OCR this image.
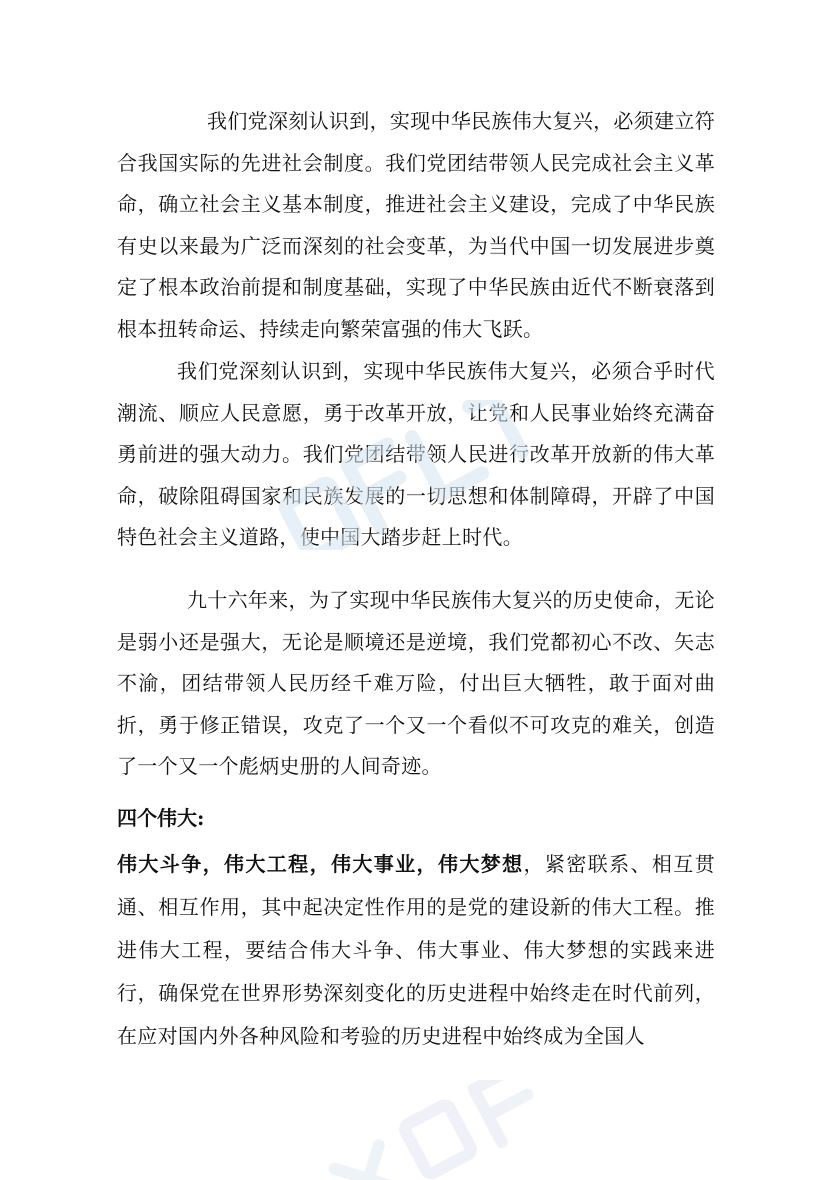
我们党深刻认识到，实现中华民族伟大复兴，必须建立符合我国实际的先进社会制度。我们党团结带领人民完成社会主义革命，确立社会主义基本制度，推进社会主义建设，完成了中华民族有史以来最为广泛而深刻的社会变革，为当代中国一切发展进步奠定了根本政治前提和制度基础，实现了中华民族由近代不断衰落到根本扭转命运、持续走向繁荣富强的伟大飞跃。

我们党深刻认识到，实现中华民族伟大复兴，必须合乎时代潮流、顺应人民意愿，勇于改革开放，让党和人民事业始终充满奋勇前进的强大动力。我们党团结带领人民进行改革开放新的伟大革命，破除阻碍国家和民族发展的一切思想和体制障碍，开辟了中国特色社会主义道路，使中国大踏步赶上时代。

九十六年来，为了实现中华民族伟大复兴的历史使命，无论是弱小还是强大，无论是顺境还是逆境，我们党都初心不改、矢志不渝，团结带领人民历经千难万险，付出巨大牺牲，敢于面对曲折，勇于修正错误，攻克了一个又一个看似不可攻克的难关，创造了一个又一个彪炳史册的人间奇迹。

四个伟大:

伟大斗争，伟大工程，伟大事业，伟大梦想，紧密联系、相互贯通、相互作用，其中起决定性作用的是党的建设新的伟大工程。推进伟大工程，要结合伟大斗争、伟大事业、伟大梦想的实践来进行，确保党在世界形势深刻变化的历史进程中始终走在时代前列，在应对国内外各种风险和考验的历史进程中始终成为全国人
